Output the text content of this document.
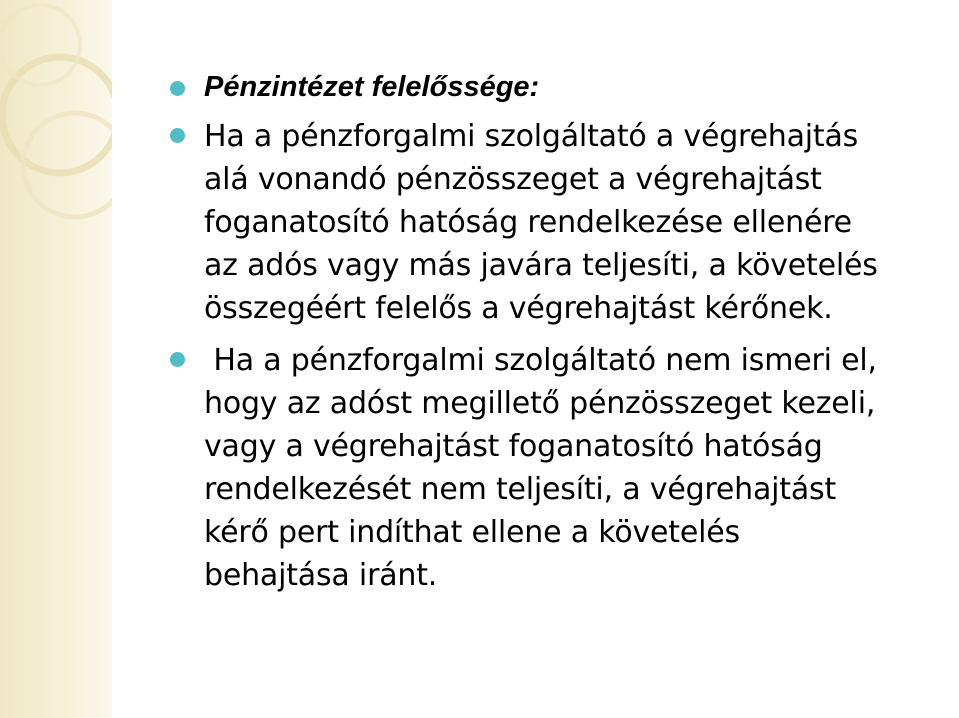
Pénzintézet felelőssége:
Ha a pénzforgalmi szolgáltató a végrehajtás
alá vonandó pénzösszeget a végrehajtást
foganatosító hatóság rendelkezése ellenére
az adós vagy más javára teljesíti, a követelés
összegéért felelős a végrehajtást kérőnek.
Ha a pénzforgalmi szolgáltató nem ismeri el,
hogy az adóst megillető pénzösszeget kezeli,
vagy a végrehajtást foganatosító hatóság
rendelkezését nem teljesíti, a végrehajtást
kérő pert indíthat ellene a követelés
behajtása iránt.
